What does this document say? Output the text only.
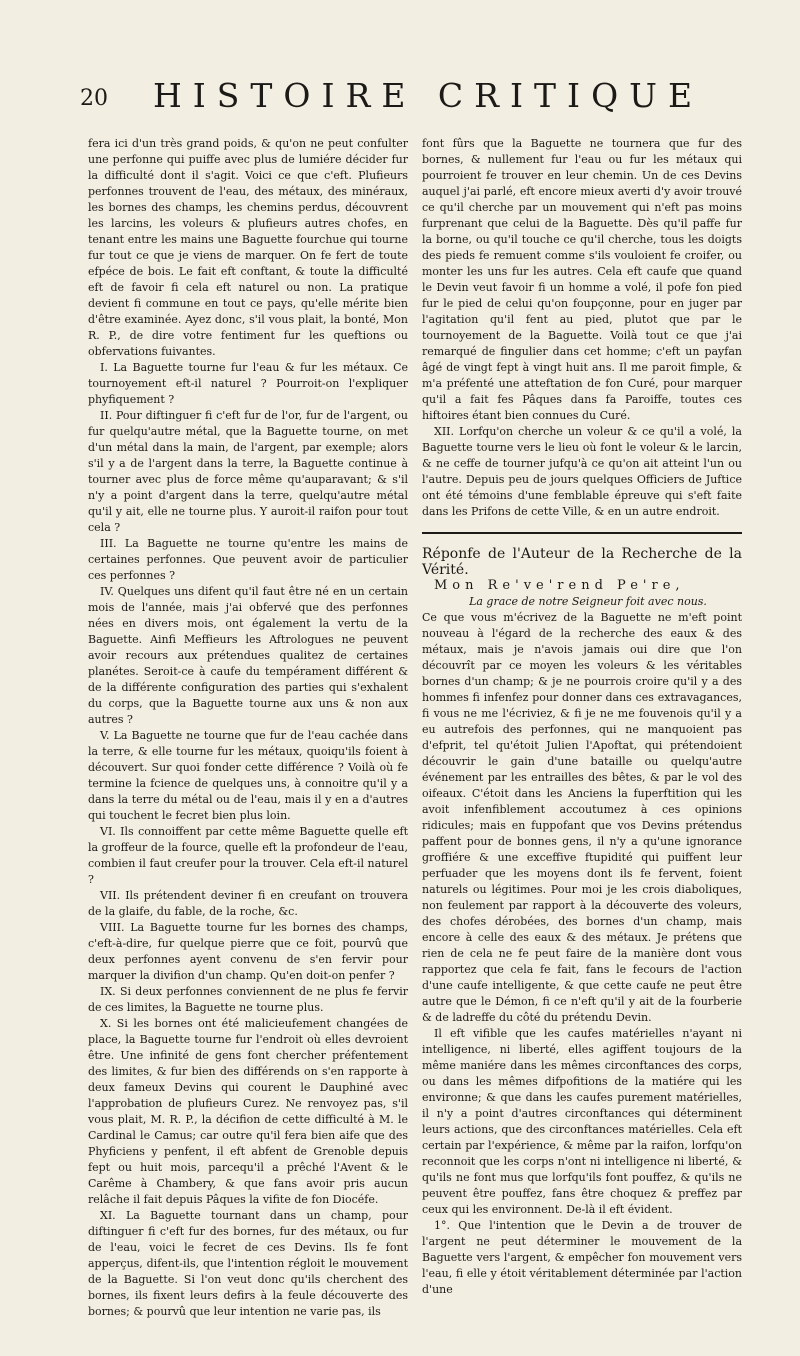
20 HISTOIRE CRITIQUE

fera ici d'un très grand poids, & qu'on ne peut confulter une perfonne qui puiffe avec plus de lumiére décider fur la difficulté dont il s'agit. Voici ce que c'eft. Plufieurs perfonnes trouvent de l'eau, des métaux, des minéraux, les bornes des champs, les chemins perdus, découvrent les larcins, les voleurs & plufieurs autres chofes, en tenant entre les mains une Baguette fourchue qui tourne fur tout ce que je viens de marquer. On fe fert de toute efpéce de bois. Le fait eft conftant, & toute la difficulté eft de favoir fi cela eft naturel ou non. La pratique devient fi commune en tout ce pays, qu'elle mérite bien d'être examinée. Ayez donc, s'il vous plait, la bonté, Mon R. P., de dire votre fentiment fur les queftions ou obfervations fuivantes.

I. La Baguette tourne fur l'eau & fur les métaux. Ce tournoyement eft-il naturel ? Pourroit-on l'expliquer phyfiquement ?

II. Pour diftinguer fi c'eft fur de l'or, fur de l'argent, ou fur quelqu'autre métal, que la Baguette tourne, on met d'un métal dans la main, de l'argent, par exemple; alors s'il y a de l'argent dans la terre, la Baguette continue à tourner avec plus de force même qu'auparavant; & s'il n'y a point d'argent dans la terre, quelqu'autre métal qu'il y ait, elle ne tourne plus. Y auroit-il raifon pour tout cela ?

III. La Baguette ne tourne qu'entre les mains de certaines perfonnes. Que peuvent avoir de particulier ces perfonnes ?

IV. Quelques uns difent qu'il faut être né en un certain mois de l'année, mais j'ai obfervé que des perfonnes nées en divers mois, ont également la vertu de la Baguette. Ainfi Meffieurs les Aftrologues ne peuvent avoir recours aux prétendues qualitez de certaines planétes. Seroit-ce à caufe du tempérament différent & de la différente configuration des parties qui s'exhalent du corps, que la Baguette tourne aux uns & non aux autres ?

V. La Baguette ne tourne que fur de l'eau cachée dans la terre, & elle tourne fur les métaux, quoiqu'ils foient à découvert. Sur quoi fonder cette différence ? Voilà où fe termine la fcience de quelques uns, à connoitre qu'il y a dans la terre du métal ou de l'eau, mais il y en a d'autres qui touchent le fecret bien plus loin.

VI. Ils connoiffent par cette même Baguette quelle eft la groffeur de la fource, quelle eft la profondeur de l'eau, combien il faut creufer pour la trouver. Cela eft-il naturel ?

VII. Ils prétendent deviner fi en creufant on trouvera de la glaife, du fable, de la roche, &c.

VIII. La Baguette tourne fur les bornes des champs, c'eft-à-dire, fur quelque pierre que ce foit, pourvû que deux perfonnes ayent convenu de s'en fervir pour marquer la divifion d'un champ. Qu'en doit-on penfer ?

IX. Si deux perfonnes conviennent de ne plus fe fervir de ces limites, la Baguette ne tourne plus.

X. Si les bornes ont été malicieufement changées de place, la Baguette tourne fur l'endroit où elles devroient être. Une infinité de gens font chercher préfentement des limites, & fur bien des différends on s'en rapporte à deux fameux Devins qui courent le Dauphiné avec l'approbation de plufieurs Curez. Ne renvoyez pas, s'il vous plait, M. R. P., la décifion de cette difficulté à M. le Cardinal le Camus; car outre qu'il fera bien aife que des Phyficiens y penfent, il eft abfent de Grenoble depuis fept ou huit mois, parcequ'il a prêché l'Avent & le Carême à Chambery, & que fans avoir pris aucun relâche il fait depuis Pâques la vifite de fon Diocéfe.

XI. La Baguette tournant dans un champ, pour diftinguer fi c'eft fur des bornes, fur des métaux, ou fur de l'eau, voici le fecret de ces Devins. Ils fe font apperçus, difent-ils, que l'intention régloit le mouvement de la Baguette. Si l'on veut donc qu'ils cherchent des bornes, ils fixent leurs defirs à la feule découverte des bornes; & pourvû que leur intention ne varie pas, ils

font fûrs que la Baguette ne tournera que fur des bornes, & nullement fur l'eau ou fur les métaux qui pourroient fe trouver en leur chemin. Un de ces Devins auquel j'ai parlé, eft encore mieux averti d'y avoir trouvé ce qu'il cherche par un mouvement qui n'eft pas moins furprenant que celui de la Baguette. Dès qu'il paffe fur la borne, ou qu'il touche ce qu'il cherche, tous les doigts des pieds fe remuent comme s'ils vouloient fe croifer, ou monter les uns fur les autres. Cela eft caufe que quand le Devin veut favoir fi un homme a volé, il pofe fon pied fur le pied de celui qu'on foupçonne, pour en juger par l'agitation qu'il fent au pied, plutot que par le tournoyement de la Baguette. Voilà tout ce que j'ai remarqué de fingulier dans cet homme; c'eft un payfan âgé de vingt fept à vingt huit ans. Il me paroit fimple, & m'a préfenté une atteftation de fon Curé, pour marquer qu'il a fait fes Pâques dans fa Paroiffe, toutes ces hiftoires étant bien connues du Curé.

XII. Lorfqu'on cherche un voleur & ce qu'il a volé, la Baguette tourne vers le lieu où font le voleur & le larcin, & ne ceffe de tourner jufqu'à ce qu'on ait atteint l'un ou l'autre. Depuis peu de jours quelques Officiers de Juftice ont été témoins d'une femblable épreuve qui s'eft faite dans les Prifons de cette Ville, & en un autre endroit.

Réponfe de l'Auteur de la Recherche de la Vérité.

Mon Re've'rend Pe're,

La grace de notre Seigneur foit avec nous.

Ce que vous m'écrivez de la Baguette ne m'eft point nouveau à l'égard de la recherche des eaux & des métaux, mais je n'avois jamais oui dire que l'on découvrît par ce moyen les voleurs & les véritables bornes d'un champ; & je ne pourrois croire qu'il y a des hommes fi infenfez pour donner dans ces extravagances, fi vous ne me l'écriviez, & fi je ne me fouvenois qu'il y a eu autrefois des perfonnes, qui ne manquoient pas d'efprit, tel qu'étoit Julien l'Apoftat, qui prétendoient découvrir le gain d'une bataille ou quelqu'autre événement par les entrailles des bêtes, & par le vol des oifeaux. C'étoit dans les Anciens la fuperftition qui les avoit infenfiblement accoutumez à ces opinions ridicules; mais en fuppofant que vos Devins prétendus paffent pour de bonnes gens, il n'y a qu'une ignorance groffiére & une exceffive ftupidité qui puiffent leur perfuader que les moyens dont ils fe fervent, foient naturels ou légitimes. Pour moi je les crois diaboliques, non feulement par rapport à la découverte des voleurs, des chofes dérobées, des bornes d'un champ, mais encore à celle des eaux & des métaux. Je prétens que rien de cela ne fe peut faire de la manière dont vous rapportez que cela fe fait, fans le fecours de l'action d'une caufe intelligente, & que cette caufe ne peut être autre que le Démon, fi ce n'eft qu'il y ait de la fourberie & de ladreffe du côté du prétendu Devin.

Il eft vifible que les caufes matérielles n'ayant ni intelligence, ni liberté, elles agiffent toujours de la même maniére dans les mêmes circonftances des corps, ou dans les mêmes difpofitions de la matiére qui les environne; & que dans les caufes purement matérielles, il n'y a point d'autres circonftances qui déterminent leurs actions, que des circonftances matérielles. Cela eft certain par l'expérience, & même par la raifon, lorfqu'on reconnoit que les corps n'ont ni intelligence ni liberté, & qu'ils ne font mus que lorfqu'ils font pouffez, & qu'ils ne peuvent être pouffez, fans être choquez & preffez par ceux qui les environnent. De-là il eft évident.

1°. Que l'intention que le Devin a de trouver de l'argent ne peut déterminer le mouvement de la Baguette vers l'argent, & empêcher fon mouvement vers l'eau, fi elle y étoit véritablement déterminée par l'action d'une
